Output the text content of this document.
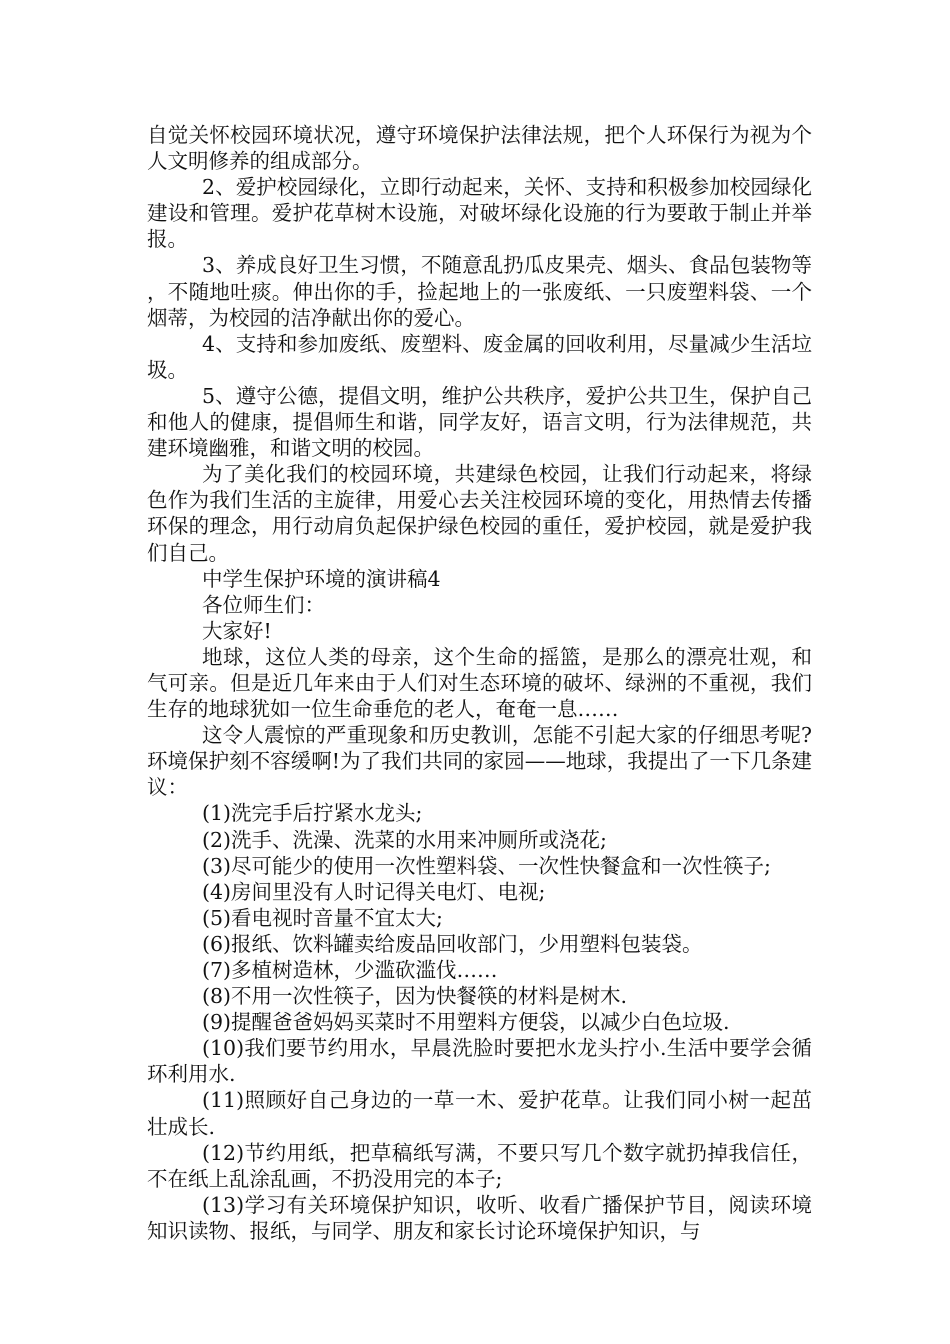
自觉关怀校园环境状况，遵守环境保护法律法规，把个人环保行为视为个人文明修养的组成部分。

2、爱护校园绿化，立即行动起来，关怀、支持和积极参加校园绿化建设和管理。爱护花草树木设施，对破坏绿化设施的行为要敢于制止并举报。

3、养成良好卫生习惯，不随意乱扔瓜皮果壳、烟头、食品包装物等，不随地吐痰。伸出你的手，捡起地上的一张废纸、一只废塑料袋、一个烟蒂，为校园的洁净献出你的爱心。

4、支持和参加废纸、废塑料、废金属的回收利用，尽量减少生活垃圾。

5、遵守公德，提倡文明，维护公共秩序，爱护公共卫生，保护自己和他人的健康，提倡师生和谐，同学友好，语言文明，行为法律规范，共建环境幽雅，和谐文明的校园。

为了美化我们的校园环境，共建绿色校园，让我们行动起来，将绿色作为我们生活的主旋律，用爱心去关注校园环境的变化，用热情去传播环保的理念，用行动肩负起保护绿色校园的重任，爱护校园，就是爱护我们自己。

中学生保护环境的演讲稿4

各位师生们：

大家好!

地球，这位人类的母亲，这个生命的摇篮，是那么的漂亮壮观，和气可亲。但是近几年来由于人们对生态环境的破坏、绿洲的不重视，我们生存的地球犹如一位生命垂危的老人，奄奄一息……

这令人震惊的严重现象和历史教训，怎能不引起大家的仔细思考呢?环境保护刻不容缓啊!为了我们共同的家园——地球，我提出了一下几条建议：

(1)洗完手后拧紧水龙头;

(2)洗手、洗澡、洗菜的水用来冲厕所或浇花;

(3)尽可能少的使用一次性塑料袋、一次性快餐盒和一次性筷子;

(4)房间里没有人时记得关电灯、电视;

(5)看电视时音量不宜太大;

(6)报纸、饮料罐卖给废品回收部门，少用塑料包装袋。

(7)多植树造林，少滥砍滥伐……

(8)不用一次性筷子，因为快餐筷的材料是树木.

(9)提醒爸爸妈妈买菜时不用塑料方便袋，以减少白色垃圾.

(10)我们要节约用水，早晨洗脸时要把水龙头拧小.生活中要学会循环利用水.

(11)照顾好自己身边的一草一木、爱护花草。让我们同小树一起茁壮成长.

(12)节约用纸，把草稿纸写满，不要只写几个数字就扔掉我信任，不在纸上乱涂乱画，不扔没用完的本子;

(13)学习有关环境保护知识，收听、收看广播保护节目，阅读环境知识读物、报纸，与同学、朋友和家长讨论环境保护知识，与
